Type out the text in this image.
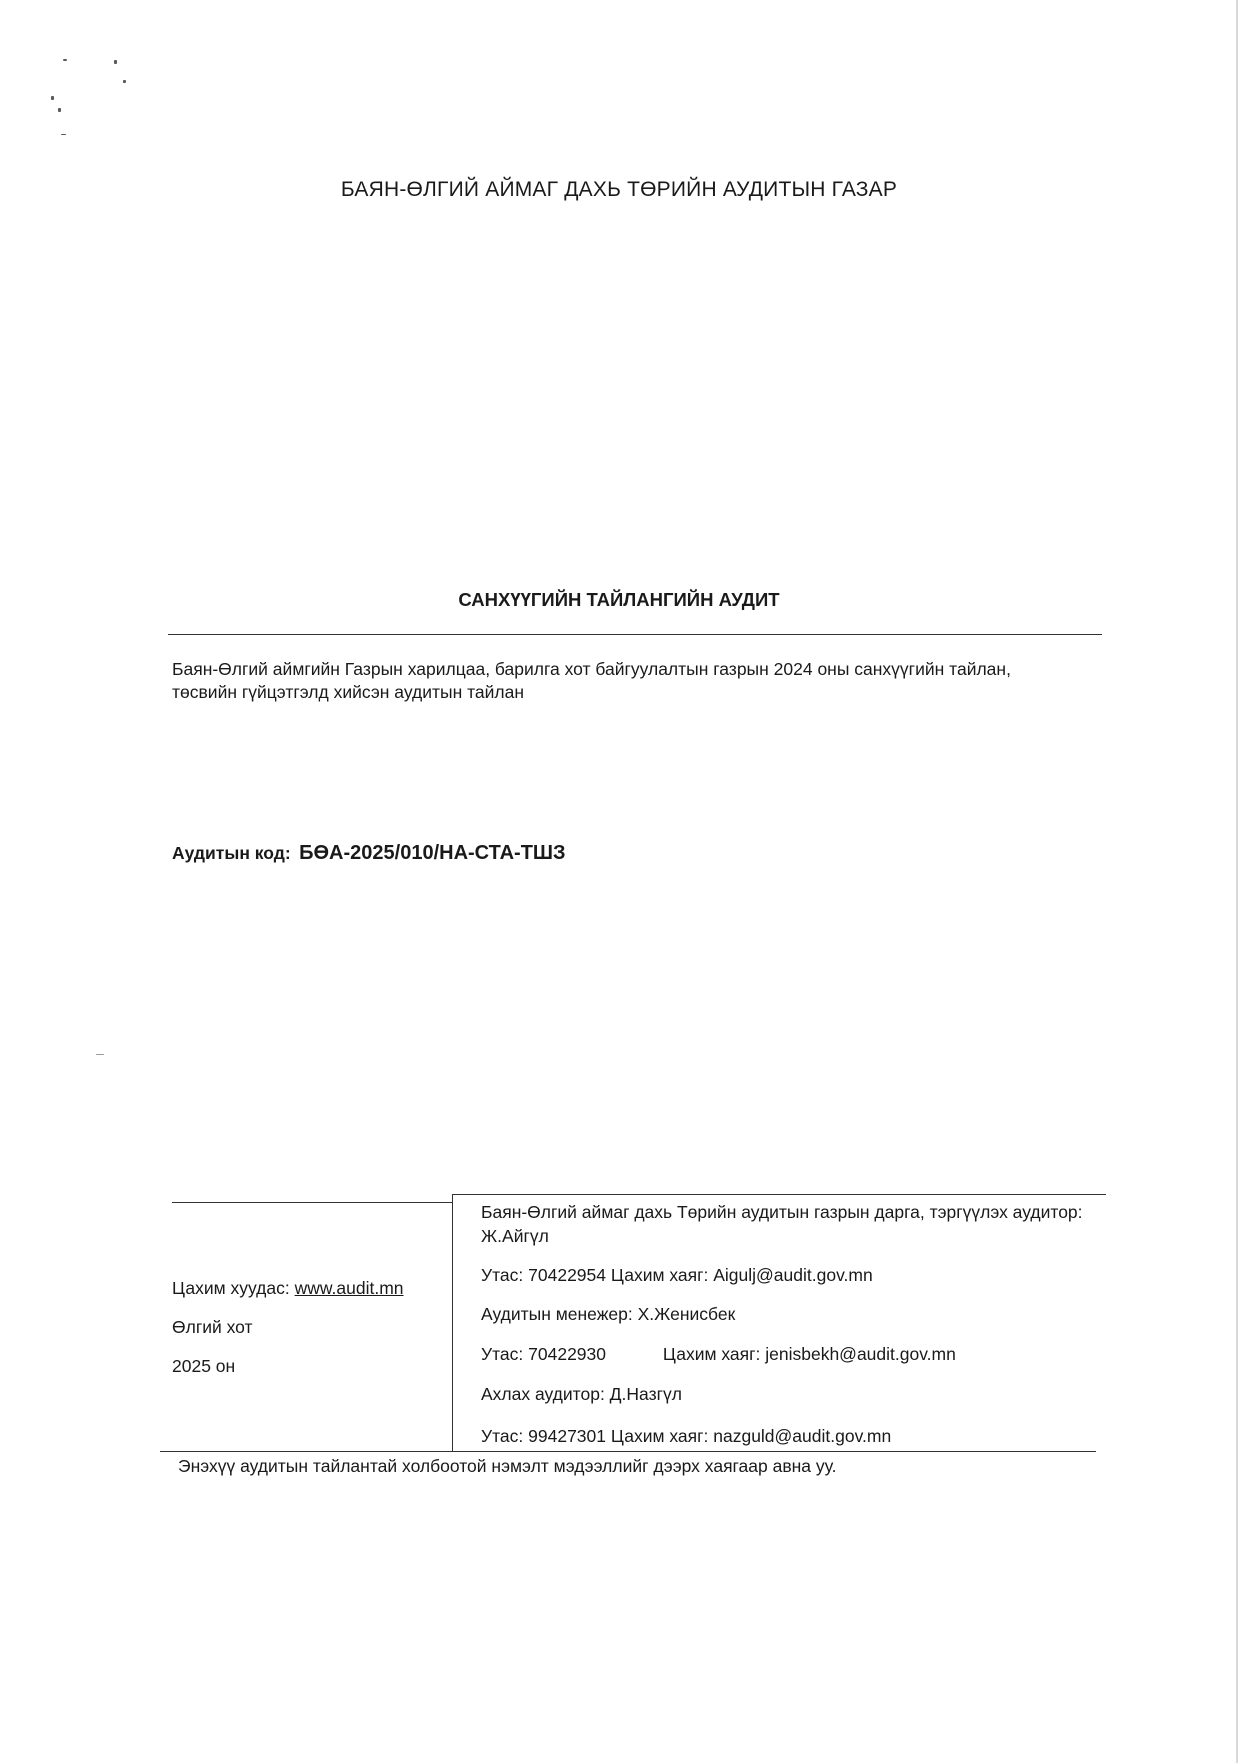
БАЯН-ӨЛГИЙ АЙМАГ ДАХЬ ТӨРИЙН АУДИТЫН ГАЗАР
САНХҮҮГИЙН ТАЙЛАНГИЙН АУДИТ
Баян-Өлгий аймгийн Газрын харилцаа, барилга хот байгуулалтын газрын 2024 оны санхүүгийн тайлан, төсвийн гүйцэтгэлд хийсэн аудитын тайлан
Аудитын код: БӨА-2025/010/НА-СТА-ТШЗ
Цахим хуудас: www.audit.mn
Өлгий хот
2025 он
Баян-Өлгий аймаг дахь Төрийн аудитын газрын дарга, тэргүүлэх аудитор: Ж.Айгүл
Утас: 70422954 Цахим хаяг: Aigulj@audit.gov.mn
Аудитын менежер: Х.Женисбек
Утас: 70422930	Цахим хаяг: jenisbekh@audit.gov.mn
Ахлах аудитор: Д.Назгүл
Утас: 99427301 Цахим хаяг: nazguld@audit.gov.mn
Энэхүү аудитын тайлантай холбоотой нэмэлт мэдээллийг дээрх хаягаар авна уу.
